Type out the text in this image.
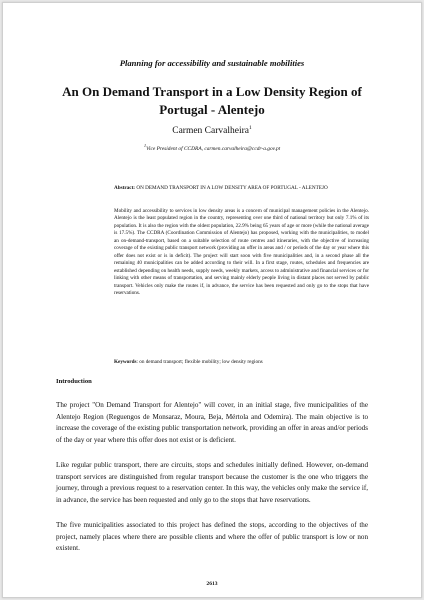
Planning for accessibility and sustainable mobilities
An On Demand Transport in a Low Density Region of
Portugal - Alentejo
Carmen Carvalheira$^1$
$^1$Vice President of CCDRA, carmen.carvalheira@ccdr-a.gov.pt
Abstract: ON DEMAND TRANSPORT IN A LOW DENSITY AREA OF PORTUGAL - ALENTEJO
Mobility and accessibility to services in low density areas is a concern of municipal management policies in the Alentejo. Alentejo is the least populated region in the country, representing over one third of national territory but only 7.1% of its population. It is also the region with the oldest population, 22.9% being 65 years of age or more (while the national average is 17.5%). The CCDRA (Coordination Commission of Alentejo) has proposed, working with the municipalities, to model an on-demand-transport, based on a suitable selection of route centres and itineraries, with the objective of increasing coverage of the existing public transport network (providing an offer in areas and / or periods of the day or year where this offer does not exist or is in deficit). The project will start soon with five municipalities and, in a second phase all the remaining 40 municipalities can be added according to their will. In a first stage, routes, schedules and frequencies are established depending on health needs, supply needs, weekly markets, access to administrative and financial services or for linking with other means of transportation, and serving mainly elderly people living in distant places not served by public transport. Vehicles only make the routes if, in advance, the service has been requested and only go to the stops that have reservations.
Keywords: on demand transport; flexible mobility; low density regions
Introduction
The project "On Demand Transport for Alentejo" will cover, in an initial stage, five municipalities of the Alentejo Region (Reguengos de Monsaraz, Moura, Beja, Mértola and Odemira). The main objective is to increase the coverage of the existing public transportation network, providing an offer in areas and/or periods of the day or year where this offer does not exist or is deficient.
Like regular public transport, there are circuits, stops and schedules initially defined. However, on-demand transport services are distinguished from regular transport because the customer is the one who triggers the journey, through a previous request to a reservation center. In this way, the vehicles only make the service if, in advance, the service has been requested and only go to the stops that have reservations.
The five municipalities associated to this project has defined the stops, according to the objectives of the project, namely places where there are possible clients and where the offer of public transport is low or non existent.
2613
